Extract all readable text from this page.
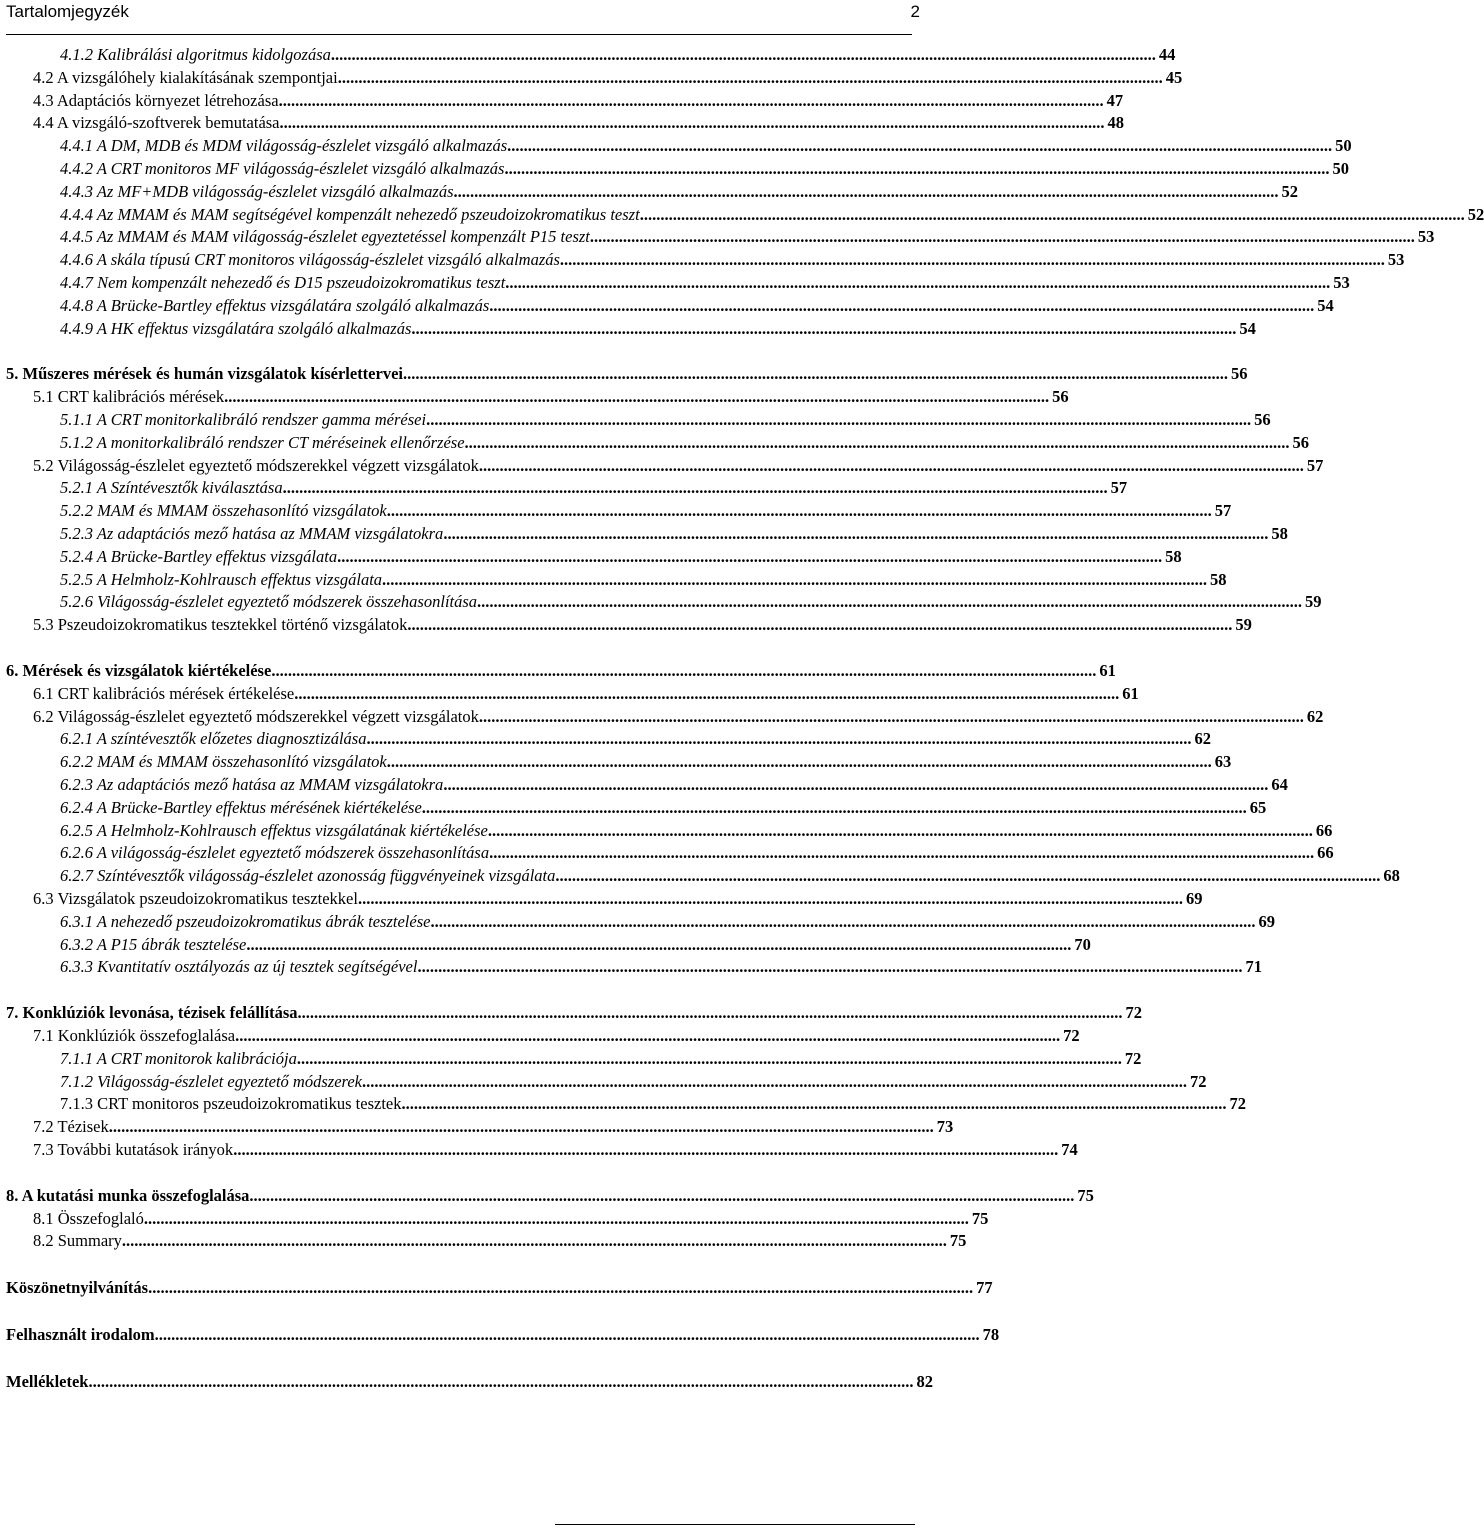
Tartalomjegyzék	2
4.1.2 Kalibrálási algoritmus kidolgozása ........................................................................................................................................................................................................ 44
4.2 A vizsgálóhely kialakításának szempontjai ........................................................................................................................................................................................................ 45
4.3 Adaptációs környezet létrehozása ........................................................................................................................................................................................................ 47
4.4 A vizsgáló-szoftverek bemutatása ........................................................................................................................................................................................................ 48
4.4.1 A DM, MDB és MDM világosság-észlelet vizsgáló alkalmazás ........................................................................................................................................................................................................ 50
4.4.2 A CRT monitoros MF világosság-észlelet vizsgáló alkalmazás ........................................................................................................................................................................................................ 50
4.4.3 Az MF+MDB világosság-észlelet vizsgáló alkalmazás ........................................................................................................................................................................................................ 52
4.4.4 Az MMAM és MAM segítségével kompenzált nehezedő pszeudoizokromatikus teszt ........................................................................................................................................................................................................ 52
4.4.5 Az MMAM és MAM világosság-észlelet egyeztetéssel kompenzált P15 teszt ........................................................................................................................................................................................................ 53
4.4.6 A skála típusú CRT monitoros világosság-észlelet vizsgáló alkalmazás ........................................................................................................................................................................................................ 53
4.4.7 Nem kompenzált nehezedő és D15 pszeudoizokromatikus teszt ........................................................................................................................................................................................................ 53
4.4.8 A Brücke-Bartley effektus vizsgálatára szolgáló alkalmazás ........................................................................................................................................................................................................ 54
4.4.9 A HK effektus vizsgálatára szolgáló alkalmazás ........................................................................................................................................................................................................ 54
5. Műszeres mérések és humán vizsgálatok kísérlettervei ........................................................................................................................................................................................................ 56
5.1 CRT kalibrációs mérések ........................................................................................................................................................................................................ 56
5.1.1 A CRT monitorkalibráló rendszer gamma mérései ........................................................................................................................................................................................................ 56
5.1.2 A monitorkalibráló rendszer CT méréseinek ellenőrzése ........................................................................................................................................................................................................ 56
5.2 Világosság-észlelet egyeztető módszerekkel végzett vizsgálatok ........................................................................................................................................................................................................ 57
5.2.1 A Színtévesztők kiválasztása ........................................................................................................................................................................................................ 57
5.2.2 MAM és MMAM összehasonlító vizsgálatok ........................................................................................................................................................................................................ 57
5.2.3 Az adaptációs mező hatása az MMAM vizsgálatokra ........................................................................................................................................................................................................ 58
5.2.4 A Brücke-Bartley effektus vizsgálata ........................................................................................................................................................................................................ 58
5.2.5 A Helmholz-Kohlrausch effektus vizsgálata ........................................................................................................................................................................................................ 58
5.2.6 Világosság-észlelet egyeztető módszerek összehasonlítása ........................................................................................................................................................................................................ 59
5.3 Pszeudoizokromatikus tesztekkel történő vizsgálatok ........................................................................................................................................................................................................ 59
6. Mérések és vizsgálatok kiértékelése ........................................................................................................................................................................................................ 61
6.1 CRT kalibrációs mérések értékelése ........................................................................................................................................................................................................ 61
6.2 Világosság-észlelet egyeztető módszerekkel végzett vizsgálatok ........................................................................................................................................................................................................ 62
6.2.1 A színtévesztők előzetes diagnosztizálása ........................................................................................................................................................................................................ 62
6.2.2 MAM és MMAM összehasonlító vizsgálatok ........................................................................................................................................................................................................ 63
6.2.3 Az adaptációs mező hatása az MMAM vizsgálatokra ........................................................................................................................................................................................................ 64
6.2.4 A Brücke-Bartley effektus mérésének kiértékelése ........................................................................................................................................................................................................ 65
6.2.5 A Helmholz-Kohlrausch effektus vizsgálatának kiértékelése ........................................................................................................................................................................................................ 66
6.2.6 A világosság-észlelet egyeztető módszerek összehasonlítása ........................................................................................................................................................................................................ 66
6.2.7 Színtévesztők világosság-észlelet azonosság függvényeinek vizsgálata ........................................................................................................................................................................................................ 68
6.3 Vizsgálatok pszeudoizokromatikus tesztekkel ........................................................................................................................................................................................................ 69
6.3.1 A nehezedő pszeudoizokromatikus ábrák tesztelése ........................................................................................................................................................................................................ 69
6.3.2 A P15 ábrák tesztelése ........................................................................................................................................................................................................ 70
6.3.3 Kvantitatív osztályozás az új tesztek segítségével ........................................................................................................................................................................................................ 71
7. Konklúziók levonása, tézisek felállítása ........................................................................................................................................................................................................ 72
7.1 Konklúziók összefoglalása ........................................................................................................................................................................................................ 72
7.1.1 A CRT monitorok kalibrációja ........................................................................................................................................................................................................ 72
7.1.2 Világosság-észlelet egyeztető módszerek ........................................................................................................................................................................................................ 72
7.1.3 CRT monitoros pszeudoizokromatikus tesztek ........................................................................................................................................................................................................ 72
7.2 Tézisek ........................................................................................................................................................................................................ 73
7.3 További kutatások irányok ........................................................................................................................................................................................................ 74
8. A kutatási munka összefoglalása ........................................................................................................................................................................................................ 75
8.1 Összefoglaló ........................................................................................................................................................................................................ 75
8.2 Summary ........................................................................................................................................................................................................ 75
Köszönetnyilvánítás ........................................................................................................................................................................................................ 77
Felhasznált irodalom ........................................................................................................................................................................................................ 78
Mellékletek ........................................................................................................................................................................................................ 82
